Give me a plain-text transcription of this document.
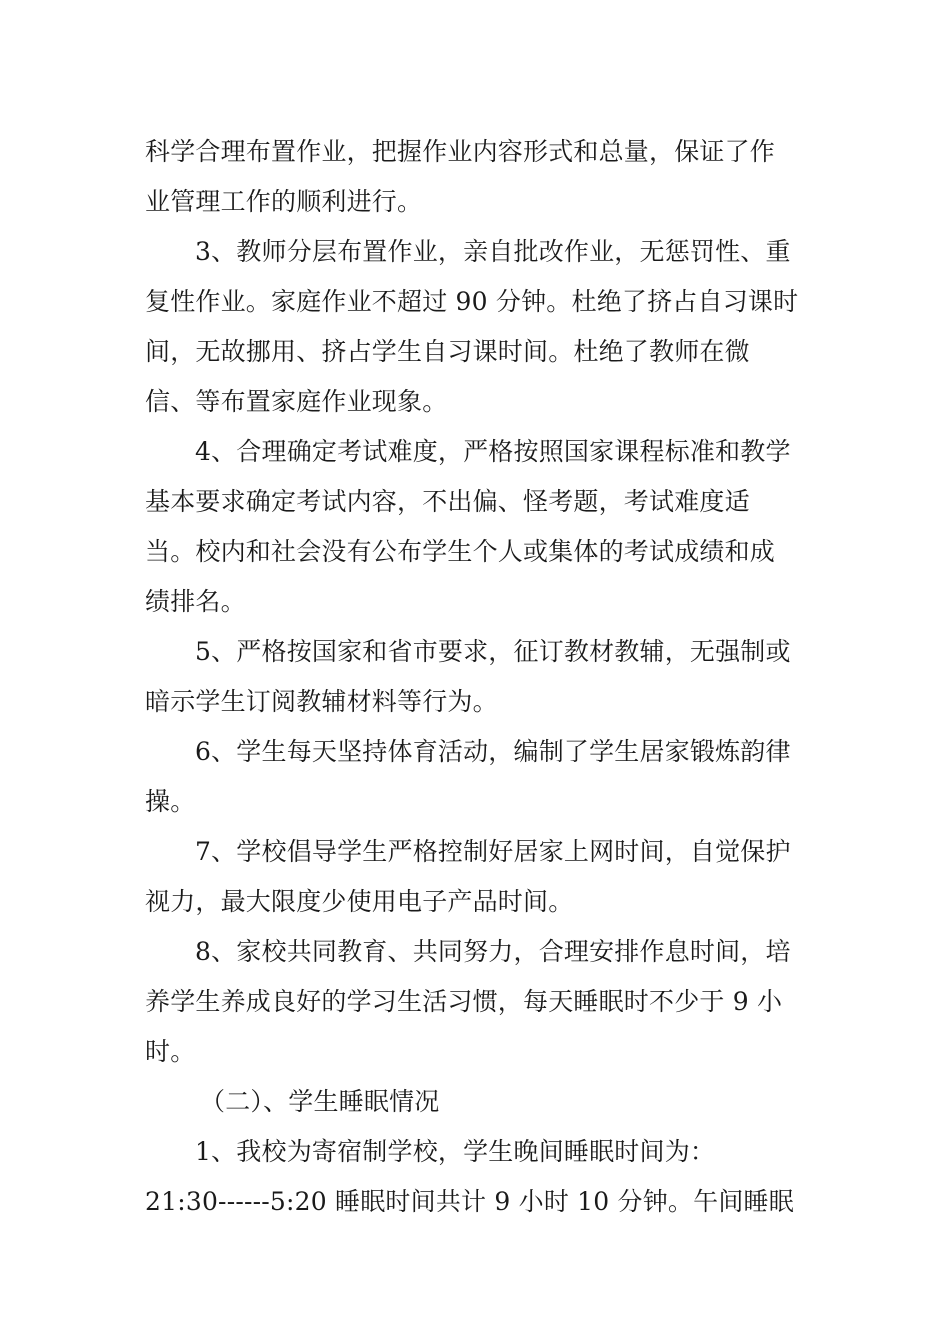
科学合理布置作业，把握作业内容形式和总量，保证了作
业管理工作的顺利进行。
3、教师分层布置作业，亲自批改作业，无惩罚性、重
复性作业。家庭作业不超过 90 分钟。杜绝了挤占自习课时
间，无故挪用、挤占学生自习课时间。杜绝了教师在微
信、等布置家庭作业现象。
4、合理确定考试难度，严格按照国家课程标准和教学
基本要求确定考试内容，不出偏、怪考题，考试难度适
当。校内和社会没有公布学生个人或集体的考试成绩和成
绩排名。
5、严格按国家和省市要求，征订教材教辅，无强制或
暗示学生订阅教辅材料等行为。
6、学生每天坚持体育活动，编制了学生居家锻炼韵律
操。
7、学校倡导学生严格控制好居家上网时间，自觉保护
视力，最大限度少使用电子产品时间。
8、家校共同教育、共同努力，合理安排作息时间，培
养学生养成良好的学习生活习惯，每天睡眠时不少于 9 小
时。
（二）、学生睡眠情况
1、我校为寄宿制学校，学生晚间睡眠时间为：
21:30------5:20 睡眠时间共计 9 小时 10 分钟。午间睡眠
